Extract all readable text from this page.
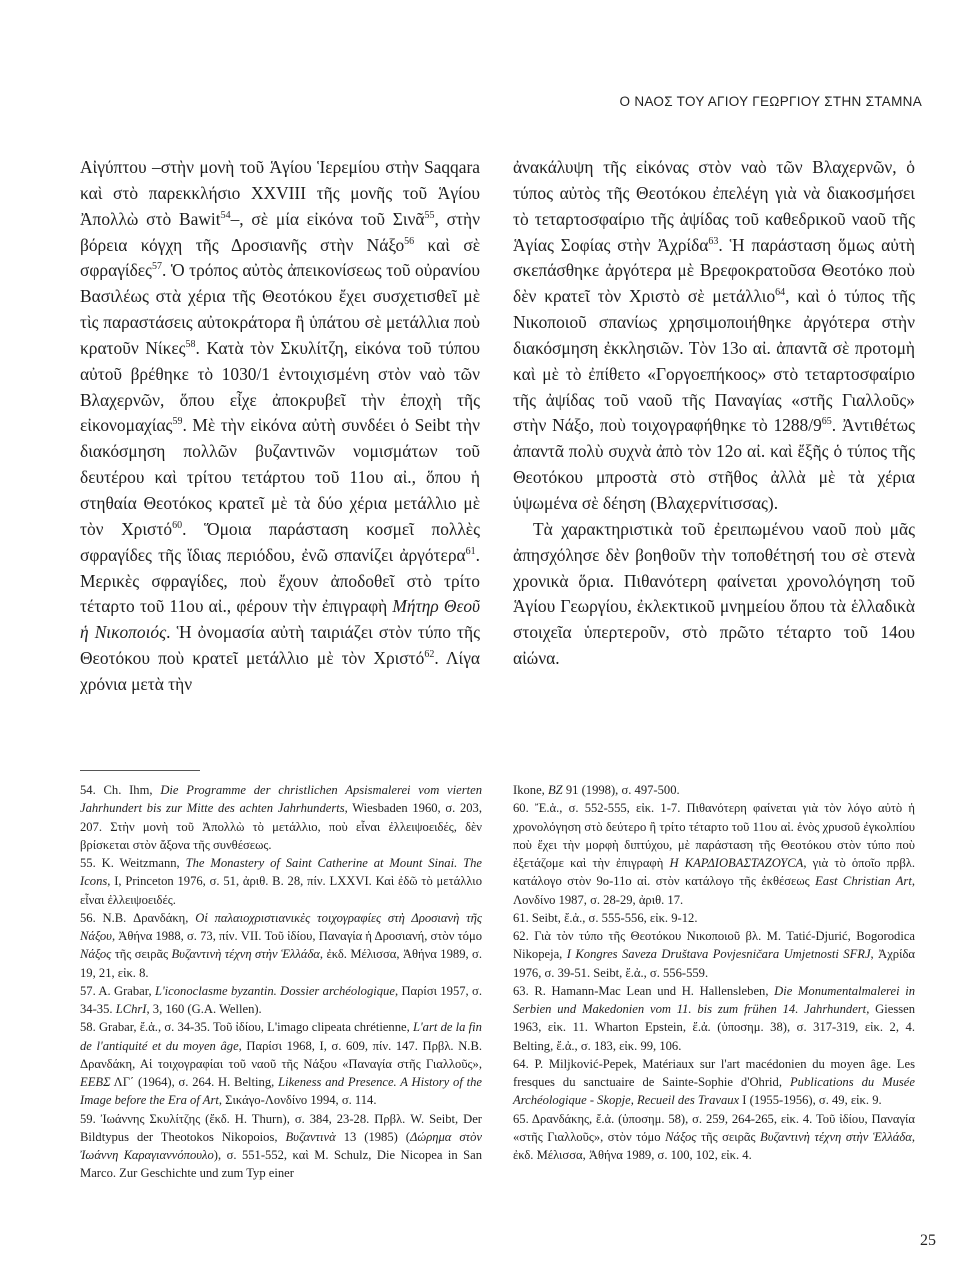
Ο ΝΑΟΣ ΤΟΥ ΑΓΙΟΥ ΓΕΩΡΓΙΟΥ ΣΤΗΝ ΣΤΑΜΝΑ

Αἰγύπτου –στὴν μονὴ τοῦ Ἁγίου Ἱερεμίου στὴν Saqqara καὶ στὸ παρεκκλήσιο XXVIII τῆς μονῆς τοῦ Ἁγίου Ἀπολλὼ στὸ Bawit$^{54}$–, σὲ μία εἰκόνα τοῦ Σινᾶ$^{55}$, στὴν βόρεια κόγχη τῆς Δροσιανῆς στὴν Νάξο$^{56}$ καὶ σὲ σφραγίδες$^{57}$. Ὁ τρόπος αὐτὸς ἀπεικονίσεως τοῦ οὐρανίου Βασιλέως στὰ χέρια τῆς Θεοτόκου ἔχει συσχετισθεῖ μὲ τὶς παραστάσεις αὐτοκράτορα ἢ ὑπάτου σὲ μετάλλια ποὺ κρατοῦν Νίκες$^{58}$. Κατὰ τὸν Σκυλίτζη, εἰκόνα τοῦ τύπου αὐτοῦ βρέθηκε τὸ 1030/1 ἐντοιχισμένη στὸν ναὸ τῶν Βλαχερνῶν, ὅπου εἶχε ἀποκρυβεῖ τὴν ἐποχὴ τῆς εἰκονομαχίας$^{59}$. Μὲ τὴν εἰκόνα αὐτὴ συνδέει ὁ Seibt τὴν διακόσμηση πολλῶν βυζαντινῶν νομισμάτων τοῦ δευτέρου καὶ τρίτου τετάρτου τοῦ 11ου αἰ., ὅπου ἡ στηθαία Θεοτόκος κρατεῖ μὲ τὰ δύο χέρια μετάλλιο μὲ τὸν Χριστό$^{60}$. Ὅμοια παράσταση κοσμεῖ πολλὲς σφραγίδες τῆς ἴδιας περιόδου, ἐνῶ σπανίζει ἀργότερα$^{61}$. Μερικὲς σφραγίδες, ποὺ ἔχουν ἀποδοθεῖ στὸ τρίτο τέταρτο τοῦ 11ου αἰ., φέρουν τὴν ἐπιγραφὴ Μήτηρ Θεοῦ ἡ Νικοποιός. Ἡ ὀνομασία αὐτὴ ταιριάζει στὸν τύπο τῆς Θεοτόκου ποὺ κρατεῖ μετάλλιο μὲ τὸν Χριστό$^{62}$. Λίγα χρόνια μετὰ τὴν

ἀνακάλυψη τῆς εἰκόνας στὸν ναὸ τῶν Βλαχερνῶν, ὁ τύπος αὐτὸς τῆς Θεοτόκου ἐπελέγη γιὰ νὰ διακοσμήσει τὸ τεταρτοσφαίριο τῆς ἀψίδας τοῦ καθεδρικοῦ ναοῦ τῆς Ἁγίας Σοφίας στὴν Ἀχρίδα$^{63}$. Ἡ παράσταση ὅμως αὐτὴ σκεπάσθηκε ἀργότερα μὲ Βρεφοκρατοῦσα Θεοτόκο ποὺ δὲν κρατεῖ τὸν Χριστὸ σὲ μετάλλιο$^{64}$, καὶ ὁ τύπος τῆς Νικοποιοῦ σπανίως χρησιμοποιήθηκε ἀργότερα στὴν διακόσμηση ἐκκλησιῶν. Τὸν 13ο αἰ. ἀπαντᾶ σὲ προτομὴ καὶ μὲ τὸ ἐπίθετο «Γοργοεπήκοος» στὸ τεταρτοσφαίριο τῆς ἀψίδας τοῦ ναοῦ τῆς Παναγίας «στῆς Γιαλλοῦς» στὴν Νάξο, ποὺ τοιχογραφήθηκε τὸ $1288/9^{65}$. Ἀντιθέτως ἀπαντᾶ πολὺ συχνὰ ἀπὸ τὸν 12ο αἰ. καὶ ἔξῆς ὁ τύπος τῆς Θεοτόκου μπροστὰ στὸ στῆθος ἀλλὰ μὲ τὰ χέρια ὑψωμένα σὲ δέηση (Βλαχερνίτισσας).

Τὰ χαρακτηριστικὰ τοῦ ἐρειπωμένου ναοῦ ποὺ μᾶς ἀπησχόλησε δὲν βοηθοῦν τὴν τοποθέτησή του σὲ στενὰ χρονικὰ ὅρια. Πιθανότερη φαίνεται χρονολόγηση τοῦ Ἁγίου Γεωργίου, ἐκλεκτικοῦ μνημείου ὅπου τὰ ἑλλαδικὰ στοιχεῖα ὑπερτεροῦν, στὸ πρῶτο τέταρτο τοῦ 14ου αἰώνα.

54. Ch. Ihm, Die Programme der christlichen Apsismalerei vom vierten Jahrhundert bis zur Mitte des achten Jahrhunderts, Wiesbaden 1960, σ. 203, 207. Στὴν μονὴ τοῦ Ἀπολλὼ τὸ μετάλλιο, ποὺ εἶναι ἐλλειψοειδές, δὲν βρίσκεται στὸν ἄξονα τῆς συνθέσεως.

55. K. Weitzmann, The Monastery of Saint Catherine at Mount Sinai. The Icons, I, Princeton 1976, σ. 51, ἀριθ. B. 28, πίν. LXXVI. Καὶ ἐδῶ τὸ μετάλλιο εἶναι ἐλλειψοειδές.

56. N.B. Δρανδάκη, Οἱ παλαιοχριστιανικὲς τοιχογραφίες στὴ Δροσιανὴ τῆς Νάξου, Ἀθήνα 1988, σ. 73, πίν. VII. Τοῦ ἰδίου, Παναγία ἡ Δροσιανή, στὸν τόμο Νάξος τῆς σειρᾶς Βυζαντινὴ τέχνη στὴν Ἑλλάδα, ἐκδ. Μέλισσα, Ἀθήνα 1989, σ. 19, 21, εἰκ. 8.

57. A. Grabar, L'iconoclasme byzantin. Dossier archéologique, Παρίσι 1957, σ. 34-35. LChrI, 3, 160 (G.A. Wellen).

58. Grabar, ἔ.ἀ., σ. 34-35. Τοῦ ἰδίου, L'imago clipeata chrétienne, L'art de la fin de l'antiquité et du moyen âge, Παρίσι 1968, I, σ. 609, πίν. 147. Πρβλ. N.B. Δρανδάκη, Αἱ τοιχογραφίαι τοῦ ναοῦ τῆς Νάξου «Παναγία στῆς Γιαλλοῦς», ΕΕΒΣ ΛΓ΄ (1964), σ. 264. H. Belting, Likeness and Presence. A History of the Image before the Era of Art, Σικάγο-Λονδίνο 1994, σ. 114.

59. Ἰωάννης Σκυλίτζης (ἔκδ. H. Thurn), σ. 384, 23-28. Πρβλ. W. Seibt, Der Bildtypus der Theotokos Nikopoios, Βυζαντινὰ 13 (1985) (Δώρημα στὸν Ἰωάννη Καραγιαννόπουλο), σ. 551-552, καὶ M. Schulz, Die Nicopea in San Marco. Zur Geschichte und zum Typ einer

Ikone, BZ 91 (1998), σ. 497-500.

60. Ἔ.ἀ., σ. 552-555, εἰκ. 1-7. Πιθανότερη φαίνεται γιὰ τὸν λόγο αὐτὸ ἡ χρονολόγηση στὸ δεύτερο ἢ τρίτο τέταρτο τοῦ 11ου αἰ. ἑνὸς χρυσοῦ ἐγκολπίου ποὺ ἔχει τὴν μορφὴ διπτύχου, μὲ παράσταση τῆς Θεοτόκου στὸν τύπο ποὺ ἐξετάζομε καὶ τὴν ἐπιγραφὴ Η ΚΑΡΔΙΟΒΑΣΤΑΖΟΥCΑ, γιὰ τὸ ὁποῖο πρβλ. κατάλογο στὸν 9ο-11ο αἰ. στὸν κατάλογο τῆς ἐκθέσεως East Christian Art, Λονδίνο 1987, σ. 28-29, ἀριθ. 17.

61. Seibt, ἔ.ἀ., σ. 555-556, εἰκ. 9-12.

62. Γιὰ τὸν τύπο τῆς Θεοτόκου Νικοποιοῦ βλ. M. Tatić-Djurić, Bogorodica Nikopeja, I Kongres Saveza Društava Povjesničara Umjetnosti SFRJ, Ἀχρίδα 1976, σ. 39-51. Seibt, ἔ.ἀ., σ. 556-559.

63. R. Hamann-Mac Lean und H. Hallensleben, Die Monumentalmalerei in Serbien und Makedonien vom 11. bis zum frühen 14. Jahrhundert, Giessen 1963, εἰκ. 11. Wharton Epstein, ἔ.ἀ. (ὑποσημ. 38), σ. 317-319, εἰκ. 2, 4. Belting, ἔ.ἀ., σ. 183, εἰκ. 99, 106.

64. P. Miljković-Pepek, Matériaux sur l'art macédonien du moyen âge. Les fresques du sanctuaire de Sainte-Sophie d'Ohrid, Publications du Musée Archéologique - Skopje, Recueil des Travaux I (1955-1956), σ. 49, εἰκ. 9.

65. Δρανδάκης, ἔ.ἀ. (ὑποσημ. 58), σ. 259, 264-265, εἰκ. 4. Τοῦ ἰδίου, Παναγία «στῆς Γιαλλοῦς», στὸν τόμο Νάξος τῆς σειρᾶς Βυζαντινὴ τέχνη στὴν Ἑλλάδα, ἐκδ. Μέλισσα, Ἀθήνα 1989, σ. 100, 102, εἰκ. 4.

25
